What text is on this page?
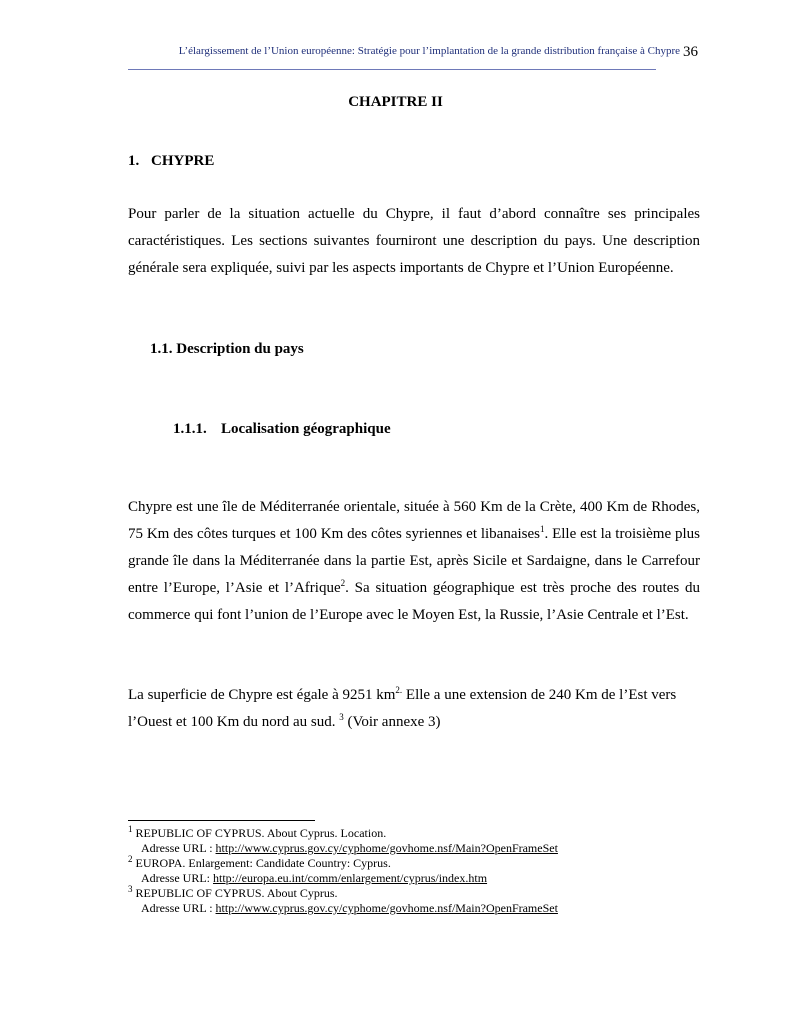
L’élargissement de l’Union européenne: Stratégie pour l’implantation de la grande distribution française à Chypre 36
CHAPITRE II
1. CHYPRE

Pour parler de la situation actuelle du Chypre, il faut d’abord connaître ses principales caractéristiques. Les sections suivantes fourniront une description du pays. Une description générale sera expliquée, suivi par les aspects importants de Chypre et l’Union Européenne.

1.1. Description du pays
1.1.1. Localisation géographique

Chypre est une île de Méditerranée orientale, située à 560 Km de la Crète, 400 Km de Rhodes, 75 Km des côtes turques et 100 Km des côtes syriennes et libanaises$^1$. Elle est la troisième plus grande île dans la Méditerranée dans la partie Est, après Sicile et Sardaigne, dans le Carrefour entre l’Europe, l’Asie et l’Afrique$^2$. Sa situation géographique est très proche des routes du commerce qui font l’union de l’Europe avec le Moyen Est, la Russie, l’Asie Centrale et l’Est.

La superficie de Chypre est égale à 9251 $km^{2.}$ Elle a une extension de 240 Km de l’Est vers l’Ouest et 100 Km du nord au sud. $^3$ (Voir annexe 3)

$^1$ REPUBLIC OF CYPRUS. About Cyprus. Location.
Adresse URL : http://www.cyprus.gov.cy/cyphome/govhome.nsf/Main?OpenFrameSet
$^2$ EUROPA. Enlargement: Candidate Country: Cyprus.
Adresse URL: http://europa.eu.int/comm/enlargement/cyprus/index.htm
$^3$ REPUBLIC OF CYPRUS. About Cyprus.
Adresse URL : http://www.cyprus.gov.cy/cyphome/govhome.nsf/Main?OpenFrameSet
